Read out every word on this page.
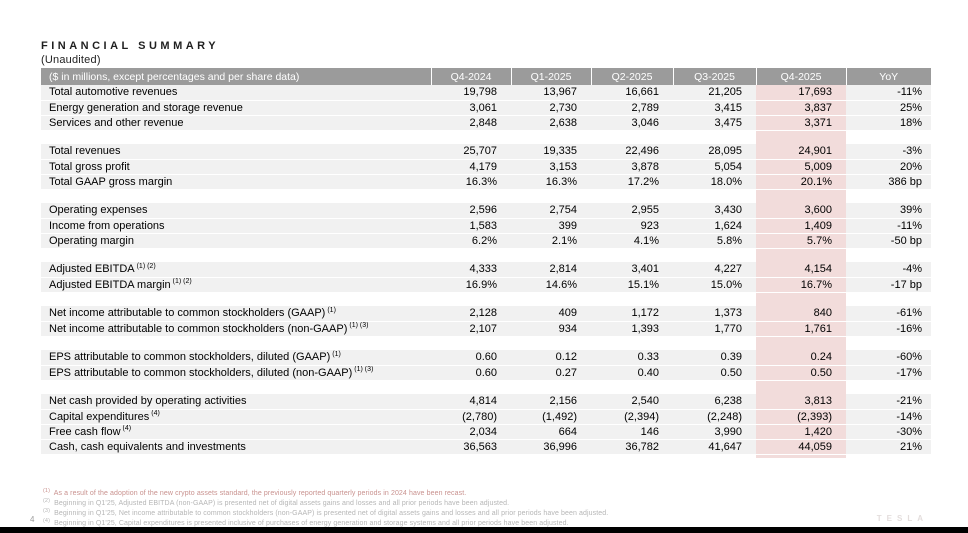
FINANCIAL SUMMARY
(Unaudited)
($ in millions, except percentages and per share data)	Q4-2024	Q1-2025	Q2-2025	Q3-2025	Q4-2025	YoY
Total automotive revenues	19,798	13,967	16,661	21,205	17,693	-11%
Energy generation and storage revenue	3,061	2,730	2,789	3,415	3,837	25%
Services and other revenue	2,848	2,638	3,046	3,475	3,371	18%

Total revenues	25,707	19,335	22,496	28,095	24,901	-3%
Total gross profit	4,179	3,153	3,878	5,054	5,009	20%
Total GAAP gross margin	16.3%	16.3%	17.2%	18.0%	20.1%	386 bp

Operating expenses	2,596	2,754	2,955	3,430	3,600	39%
Income from operations	1,583	399	923	1,624	1,409	-11%
Operating margin	6.2%	2.1%	4.1%	5.8%	5.7%	-50 bp

Adjusted EBITDA $^{(1) (2)}$	4,333	2,814	3,401	4,227	4,154	-4%
Adjusted EBITDA margin $^{(1) (2)}$	16.9%	14.6%	15.1%	15.0%	16.7%	-17 bp

Net income attributable to common stockholders (GAAP) $^{(1)}$	2,128	409	1,172	1,373	840	-61%
Net income attributable to common stockholders (non-GAAP) $^{(1) (3)}$	2,107	934	1,393	1,770	1,761	-16%

EPS attributable to common stockholders, diluted (GAAP) $^{(1)}$	0.60	0.12	0.33	0.39	0.24	-60%
EPS attributable to common stockholders, diluted (non-GAAP) $^{(1) (3)}$	0.60	0.27	0.40	0.50	0.50	-17%

Net cash provided by operating activities	4,814	2,156	2,540	6,238	3,813	-21%
Capital expenditures $^{(4)}$	(2,780)	(1,492)	(2,394)	(2,248)	(2,393)	-14%
Free cash flow $^{(4)}$	2,034	664	146	3,990	1,420	-30%
Cash, cash equivalents and investments	36,563	36,996	36,782	41,647	44,059	21%

$^{(1)}$ As a result of the adoption of the new crypto assets standard, the previously reported quarterly periods in 2024 have been recast.
$^{(2)}$ Beginning in Q1'25, Adjusted EBITDA (non-GAAP) is presented net of digital assets gains and losses and all prior periods have been adjusted.
$^{(3)}$ Beginning in Q1'25, Net income attributable to common stockholders (non-GAAP) is presented net of digital assets gains and losses and all prior periods have been adjusted.
$^{(4)}$ Beginning in Q1'25, Capital expenditures is presented inclusive of purchases of energy generation and storage systems and all prior periods have been adjusted.
4	TESLA
